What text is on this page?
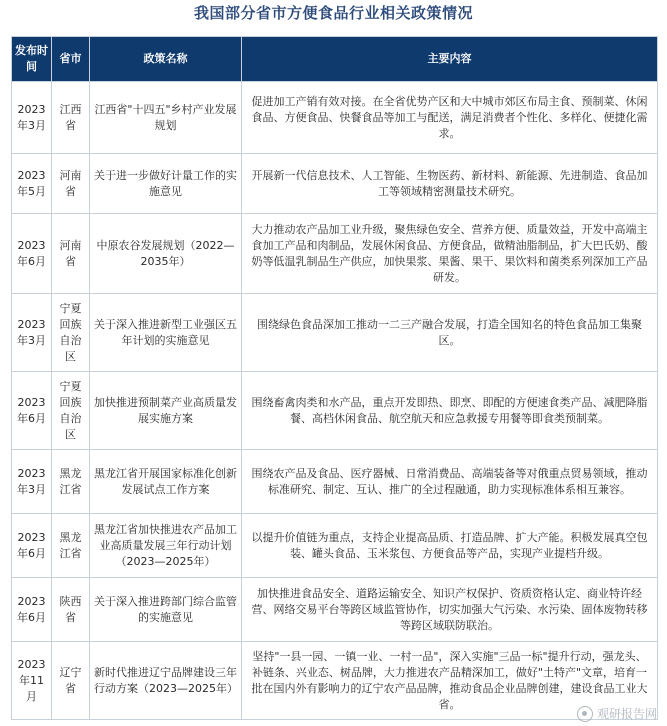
我国部分省市方便食品行业相关政策情况
发布时间	省市	政策名称	主要内容
2023年3月	江西省	江西省"十四五"乡村产业发展规划	促进加工产销有效对接。在全省优势产区和大中城市郊区布局主食、预制菜、休闲食品、方便食品、快餐食品等加工与配送，满足消费者个性化、多样化、便捷化需求。
2023年5月	河南省	关于进一步做好计量工作的实施意见	开展新一代信息技术、人工智能、生物医药、新材料、新能源、先进制造、食品加工等领域精密测量技术研究。
2023年6月	河南省	中原农谷发展规划（2022—2035年）	大力推动农产品加工业升级，聚焦绿色安全、营养方便、质量效益，开发中高端主食加工产品和肉制品，发展休闲食品、方便食品，做精油脂制品，扩大巴氏奶、酸奶等低温乳制品生产供应，加快果浆、果酱、果干、果饮料和菌类系列深加工产品研发。
2023年3月	宁夏回族自治区	关于深入推进新型工业强区五年计划的实施意见	围绕绿色食品深加工推动一二三产融合发展，打造全国知名的特色食品加工集聚区。
2023年6月	宁夏回族自治区	加快推进预制菜产业高质量发展实施方案	围绕畜禽肉类和水产品，重点开发即热、即烹、即配的方便速食类产品、减肥降脂餐、高档休闲食品、航空航天和应急救援专用餐等即食类预制菜。
2023年3月	黑龙江省	黑龙江省开展国家标准化创新发展试点工作方案	围绕农产品及食品、医疗器械、日常消费品、高端装备等对俄重点贸易领域，推动标准研究、制定、互认、推广的全过程融通，助力实现标准体系相互兼容。
2023年6月	黑龙江省	黑龙江省加快推进农产品加工业高质量发展三年行动计划（2023—2025年）	以提升价值链为重点，支持企业提高品质、打造品牌、扩大产能。积极发展真空包装、罐头食品、玉米浆包、方便食品等产品，实现产业提档升级。
2023年6月	陕西省	关于深入推进跨部门综合监管的实施意见	加快推进食品安全、道路运输安全、知识产权保护、资质资格认定、商业特许经营、网络交易平台等跨区域监管协作，切实加强大气污染、水污染、固体废物转移等跨区域联防联治。
2023年11月	辽宁省	新时代推进辽宁品牌建设三年行动方案（2023—2025年）	坚持"一县一园、一镇一业、一村一品"，深入实施"三品一标"提升行动，强龙头、补链条、兴业态、树品牌，大力推进农产品精深加工，做好"土特产"文章，培育一批在国内外有影响力的辽宁农产品品牌，推动食品企业品牌创建，建设食品工业大省。
观研报告网
